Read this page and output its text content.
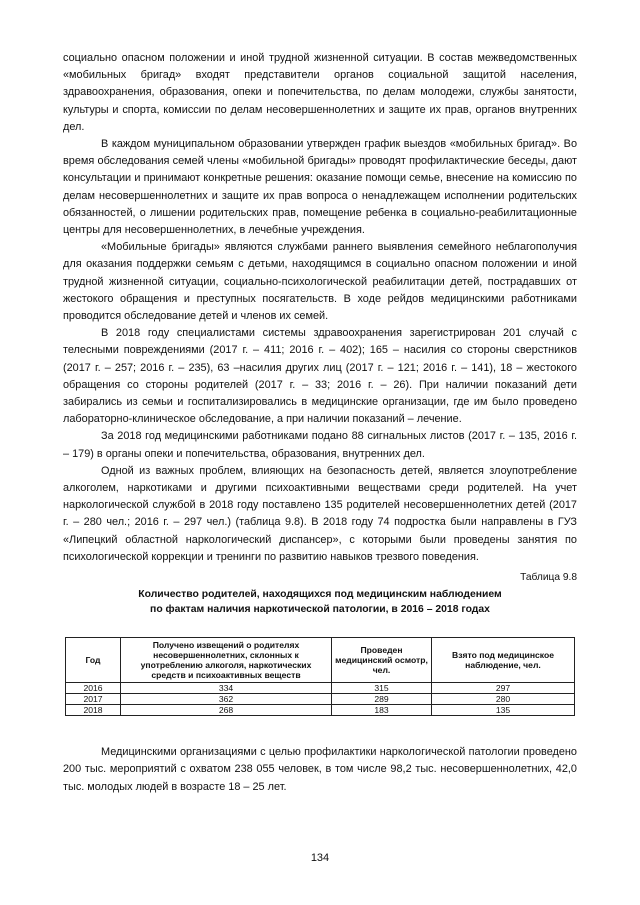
социально опасном положении и иной трудной жизненной ситуации. В состав межведомственных «мобильных бригад» входят представители органов социальной защитой населения, здравоохранения, образования, опеки и попечительства, по делам молодежи, службы занятости, культуры и спорта, комиссии по делам несовершеннолетних и защите их прав, органов внутренних дел.

В каждом муниципальном образовании утвержден график выездов «мобильных бригад». Во время обследования семей члены «мобильной бригады» проводят профилактические беседы, дают консультации и принимают конкретные решения: оказание помощи семье, внесение на комиссию по делам несовершеннолетних и защите их прав вопроса о ненадлежащем исполнении родительских обязанностей, о лишении родительских прав, помещение ребенка в социально-реабилитационные центры для несовершеннолетних, в лечебные учреждения.

«Мобильные бригады» являются службами раннего выявления семейного неблагополучия для оказания поддержки семьям с детьми, находящимся в социально опасном положении и иной трудной жизненной ситуации, социально-психологической реабилитации детей, пострадавших от жестокого обращения и преступных посягательств. В ходе рейдов медицинскими работниками проводится обследование детей и членов их семей.

В 2018 году специалистами системы здравоохранения зарегистрирован 201 случай с телесными повреждениями (2017 г. – 411; 2016 г. – 402); 165 – насилия со стороны сверстников (2017 г. – 257; 2016 г. – 235), 63 –насилия других лиц (2017 г. – 121; 2016 г. – 141), 18 – жестокого обращения со стороны родителей (2017 г. – 33; 2016 г. – 26). При наличии показаний дети забирались из семьи и госпитализировались в медицинские организации, где им было проведено лабораторно-клиническое обследование, а при наличии показаний – лечение.

За 2018 год медицинскими работниками подано 88 сигнальных листов (2017 г. – 135, 2016 г. – 179) в органы опеки и попечительства, образования, внутренних дел.

Одной из важных проблем, влияющих на безопасность детей, является злоупотребление алкоголем, наркотиками и другими психоактивными веществами среди родителей. На учет наркологической службой в 2018 году поставлено 135 родителей несовершеннолетних детей (2017 г. – 280 чел.; 2016 г. – 297 чел.) (таблица 9.8). В 2018 году 74 подростка были направлены в ГУЗ «Липецкий областной наркологический диспансер», с которыми были проведены занятия по психологической коррекции и тренинги по развитию навыков трезвого поведения.

Таблица 9.8
Количество родителей, находящихся под медицинским наблюдением
по фактам наличия наркотической патологии, в 2016 – 2018 годах
Год	Получено извещений о родителях несовершеннолетних, склонных к употреблению алкоголя, наркотических средств и психоактивных веществ	Проведен медицинский осмотр, чел.	Взято под медицинское наблюдение, чел.
2016	334	315	297
2017	362	289	280
2018	268	183	135

Медицинскими организациями с целью профилактики наркологической патологии проведено 200 тыс. мероприятий с охватом 238 055 человек, в том числе 98,2 тыс. несовершеннолетних, 42,0 тыс. молодых людей в возрасте 18 – 25 лет.

134
